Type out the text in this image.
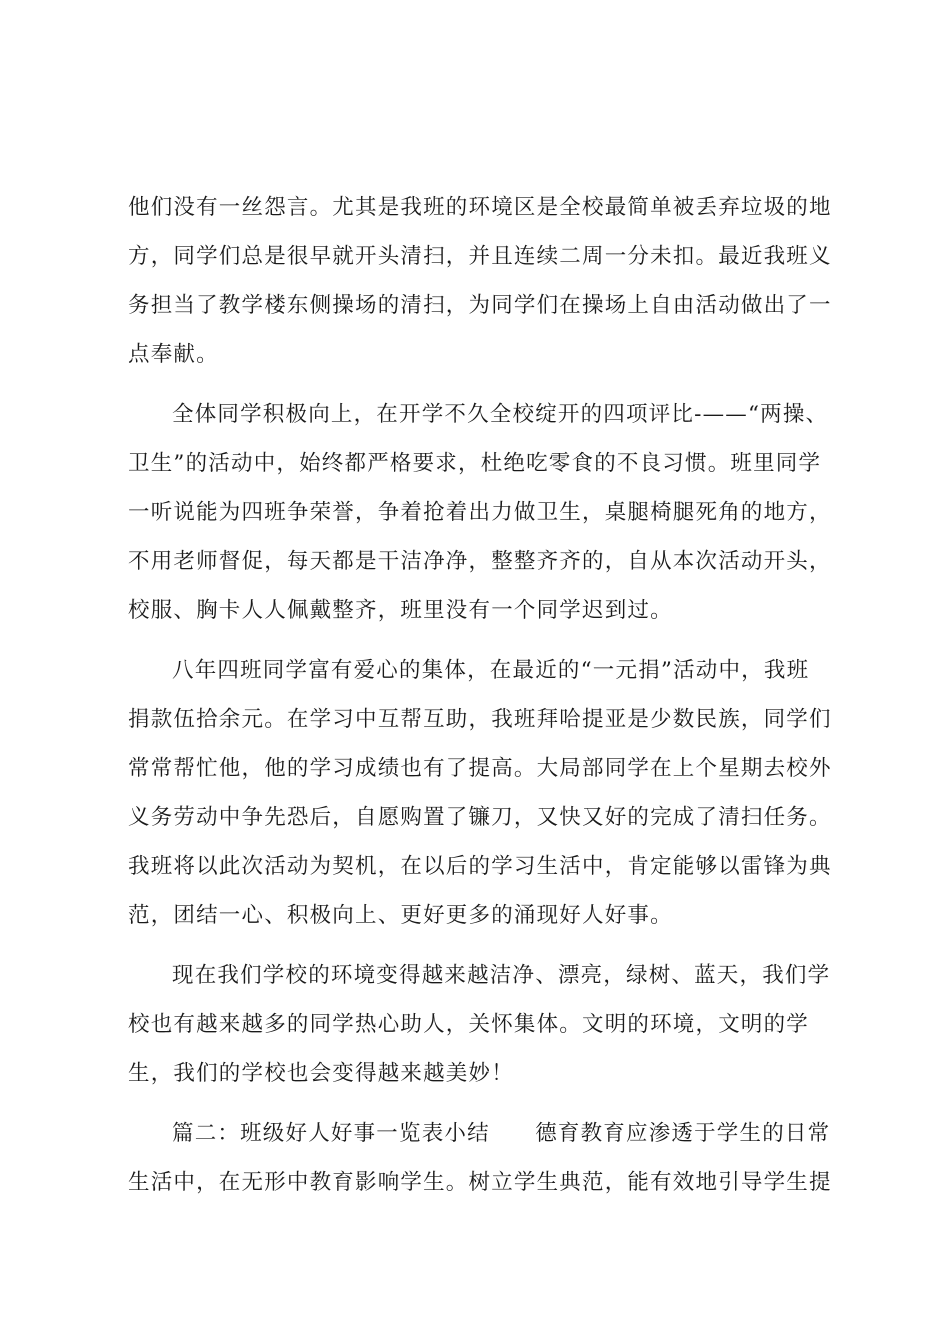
他们没有一丝怨言。尤其是我班的环境区是全校最简单被丢弃垃圾的地
方，同学们总是很早就开头清扫，并且连续二周一分未扣。最近我班义
务担当了教学楼东侧操场的清扫，为同学们在操场上自由活动做出了一
点奉献。
全体同学积极向上，在开学不久全校绽开的四项评比-——“两操、
卫生”的活动中，始终都严格要求，杜绝吃零食的不良习惯。班里同学
一听说能为四班争荣誉，争着抢着出力做卫生，桌腿椅腿死角的地方，
不用老师督促，每天都是干洁净净，整整齐齐的，自从本次活动开头，
校服、胸卡人人佩戴整齐，班里没有一个同学迟到过。
八年四班同学富有爱心的集体，在最近的“一元捐”活动中，我班
捐款伍拾余元。在学习中互帮互助，我班拜哈提亚是少数民族，同学们
常常帮忙他，他的学习成绩也有了提高。大局部同学在上个星期去校外
义务劳动中争先恐后，自愿购置了镰刀，又快又好的完成了清扫任务。
我班将以此次活动为契机，在以后的学习生活中，肯定能够以雷锋为典
范，团结一心、积极向上、更好更多的涌现好人好事。
现在我们学校的环境变得越来越洁净、漂亮，绿树、蓝天，我们学
校也有越来越多的同学热心助人，关怀集体。文明的环境，文明的学
生，我们的学校也会变得越来越美妙！
篇二：班级好人好事一览表小结　　德育教育应渗透于学生的日常
生活中，在无形中教育影响学生。树立学生典范，能有效地引导学生提
